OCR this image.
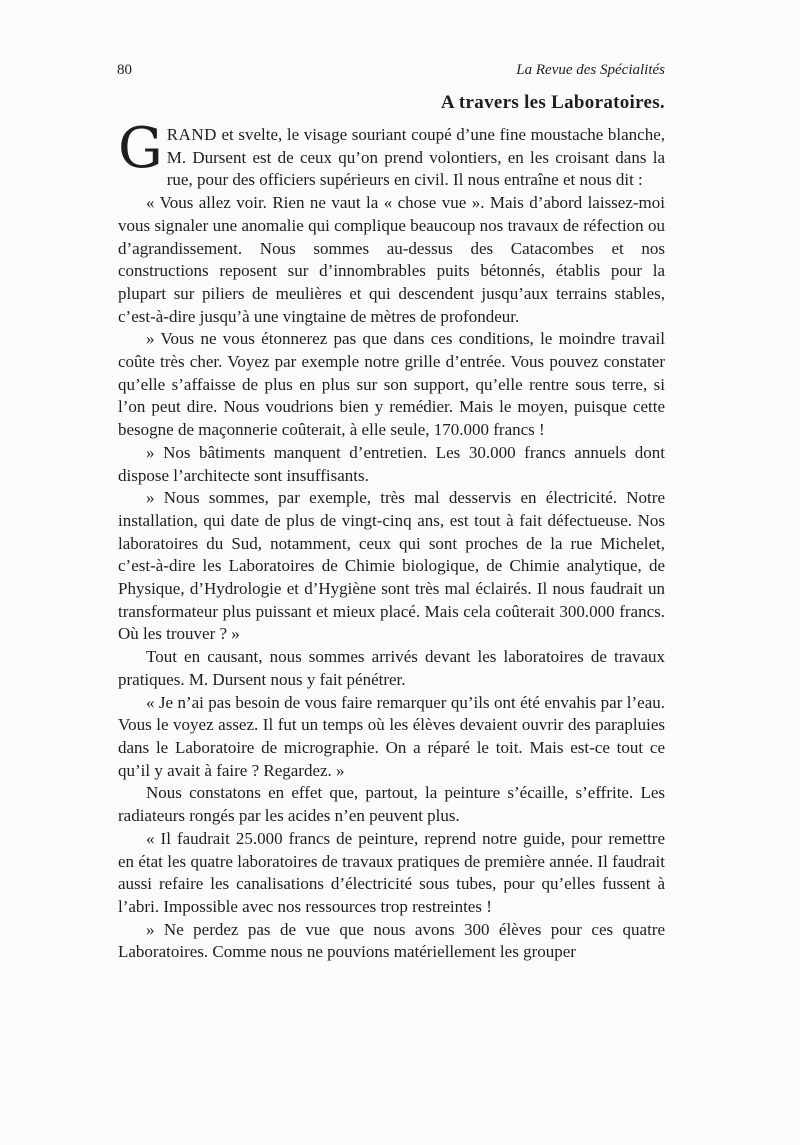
80	La Revue des Spécialités
A travers les Laboratoires.

GRAND et svelte, le visage souriant coupé d’une fine moustache blanche, M. Dursent est de ceux qu’on prend volontiers, en les croisant dans la rue, pour des officiers supérieurs en civil. Il nous entraîne et nous dit :

« Vous allez voir. Rien ne vaut la « chose vue ». Mais d’abord laissez-moi vous signaler une anomalie qui complique beaucoup nos travaux de réfection ou d’agrandissement. Nous sommes au-dessus des Catacombes et nos constructions reposent sur d’innombrables puits bétonnés, établis pour la plupart sur piliers de meulières et qui descendent jusqu’aux terrains stables, c’est-à-dire jusqu’à une vingtaine de mètres de profondeur.

» Vous ne vous étonnerez pas que dans ces conditions, le moindre travail coûte très cher. Voyez par exemple notre grille d’entrée. Vous pouvez constater qu’elle s’affaisse de plus en plus sur son support, qu’elle rentre sous terre, si l’on peut dire. Nous voudrions bien y remédier. Mais le moyen, puisque cette besogne de maçonnerie coûterait, à elle seule, 170.000 francs !

» Nos bâtiments manquent d’entretien. Les 30.000 francs annuels dont dispose l’architecte sont insuffisants.

» Nous sommes, par exemple, très mal desservis en électricité. Notre installation, qui date de plus de vingt-cinq ans, est tout à fait défectueuse. Nos laboratoires du Sud, notamment, ceux qui sont proches de la rue Michelet, c’est-à-dire les Laboratoires de Chimie biologique, de Chimie analytique, de Physique, d’Hydrologie et d’Hygiène sont très mal éclairés. Il nous faudrait un transformateur plus puissant et mieux placé. Mais cela coûterait 300.000 francs. Où les trouver ? »

Tout en causant, nous sommes arrivés devant les laboratoires de travaux pratiques. M. Dursent nous y fait pénétrer.

« Je n’ai pas besoin de vous faire remarquer qu’ils ont été envahis par l’eau. Vous le voyez assez. Il fut un temps où les élèves devaient ouvrir des parapluies dans le Laboratoire de micrographie. On a réparé le toit. Mais est-ce tout ce qu’il y avait à faire ? Regardez. »

Nous constatons en effet que, partout, la peinture s’écaille, s’effrite. Les radiateurs rongés par les acides n’en peuvent plus.

« Il faudrait 25.000 francs de peinture, reprend notre guide, pour remettre en état les quatre laboratoires de travaux pratiques de première année. Il faudrait aussi refaire les canalisations d’électricité sous tubes, pour qu’elles fussent à l’abri. Impossible avec nos ressources trop restreintes !

» Ne perdez pas de vue que nous avons 300 élèves pour ces quatre Laboratoires. Comme nous ne pouvions matériellement les grouper
